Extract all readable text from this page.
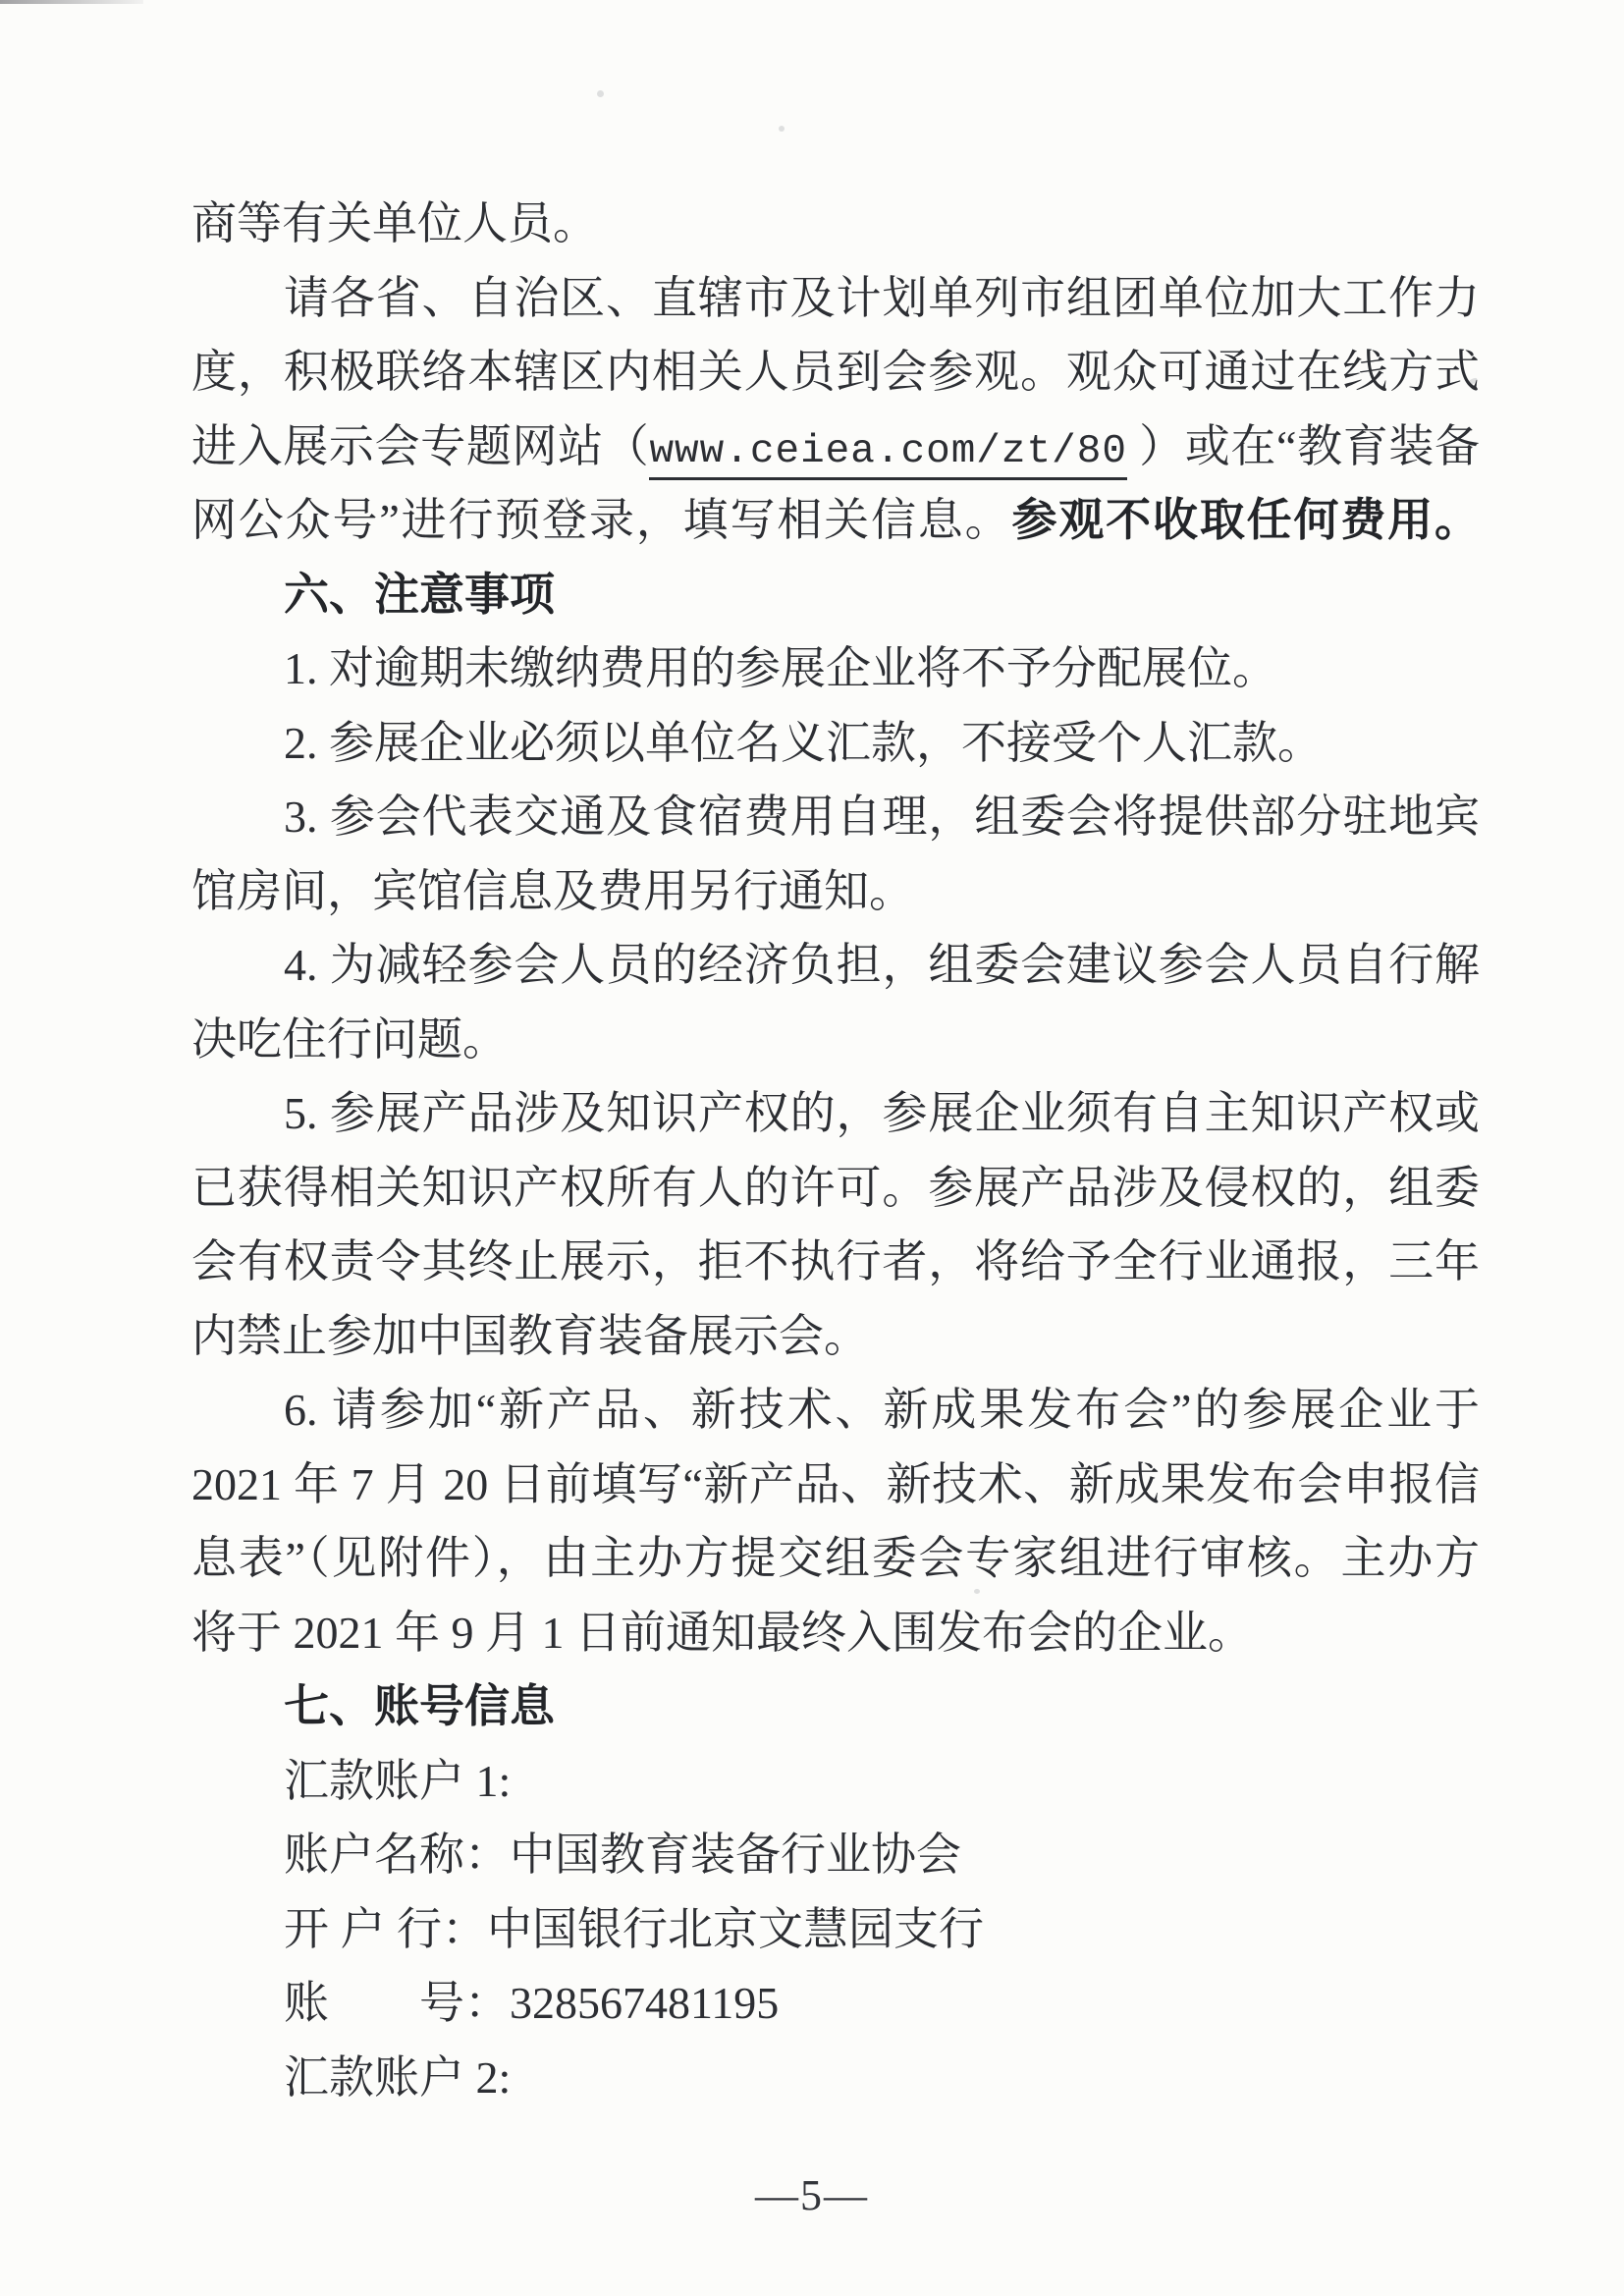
商等有关单位人员。
请各省、自治区、直辖市及计划单列市组团单位加大工作力
度，积极联络本辖区内相关人员到会参观。观众可通过在线方式
进入展示会专题网站（www.ceiea.com/zt/80 ）或在“教育装备
网公众号”进行预登录，填写相关信息。参观不收取任何费用。
六、注意事项
1. 对逾期未缴纳费用的参展企业将不予分配展位。
2. 参展企业必须以单位名义汇款，不接受个人汇款。
3. 参会代表交通及食宿费用自理，组委会将提供部分驻地宾
馆房间，宾馆信息及费用另行通知。
4. 为减轻参会人员的经济负担，组委会建议参会人员自行解
决吃住行问题。
5. 参展产品涉及知识产权的，参展企业须有自主知识产权或
已获得相关知识产权所有人的许可。参展产品涉及侵权的，组委
会有权责令其终止展示，拒不执行者，将给予全行业通报，三年
内禁止参加中国教育装备展示会。
6. 请参加“新产品、新技术、新成果发布会”的参展企业于
2021 年 7 月 20 日前填写“新产品、新技术、新成果发布会申报信
息表”（见附件），由主办方提交组委会专家组进行审核。主办方
将于 2021 年 9 月 1 日前通知最终入围发布会的企业。
七、账号信息
汇款账户 1:
账户名称：中国教育装备行业协会
开 户 行：中国银行北京文慧园支行
账　　号：328567481195
汇款账户 2:
—5—
